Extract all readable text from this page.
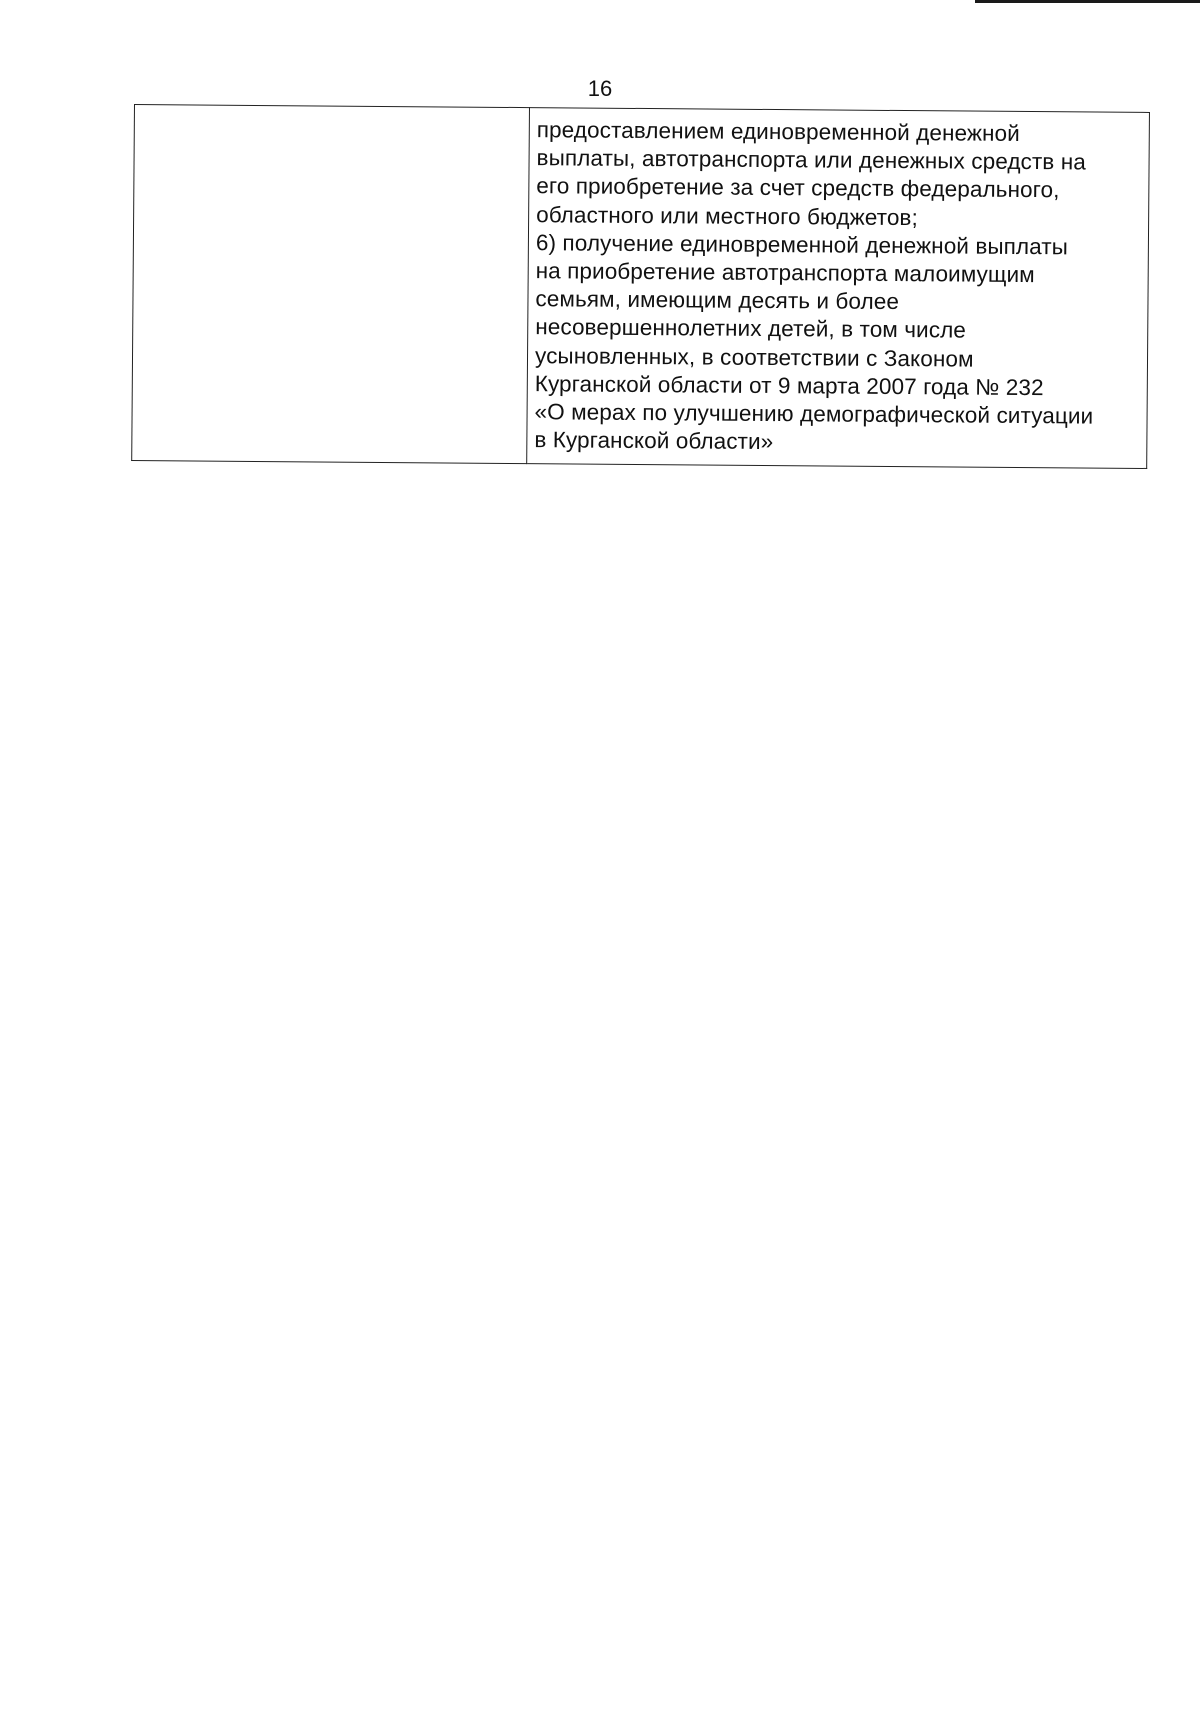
16

предоставлением единовременной денежной
выплаты, автотранспорта или денежных средств на
его приобретение за счет средств федерального,
областного или местного бюджетов;
6) получение единовременной денежной выплаты
на приобретение автотранспорта малоимущим
семьям, имеющим десять и более
несовершеннолетних детей, в том числе
усыновленных, в соответствии с Законом
Курганской области от 9 марта 2007 года № 232
«О мерах по улучшению демографической ситуации
в Курганской области»
